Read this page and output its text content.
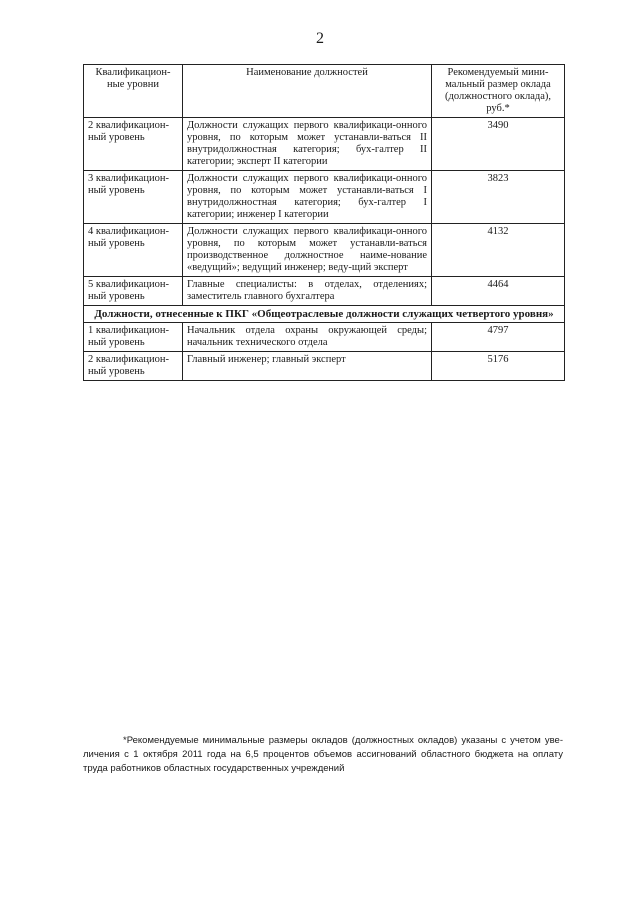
2
Квалификацион-ные уровни	Наименование должностей	Рекомендуемый мини-мальный размер оклада (должностного оклада), руб.*
2 квалификацион-ный уровень	Должности служащих первого квалификаци-онного уровня, по которым может устанавли-ваться II внутридолжностная категория; бух-галтер II категории; эксперт II категории	3490
3 квалификацион-ный уровень	Должности служащих первого квалификаци-онного уровня, по которым может устанавли-ваться I внутридолжностная категория; бух-галтер I категории; инженер I категории	3823
4 квалификацион-ный уровень	Должности служащих первого квалификаци-онного уровня, по которым может устанавли-ваться производственное должностное наиме-нование «ведущий»; ведущий инженер; веду-щий эксперт	4132
5 квалификацион-ный уровень	Главные специалисты: в отделах, отделениях; заместитель главного бухгалтера	4464
Должности, отнесенные к ПКГ «Общеотраслевые должности служащих четвертого уровня»		
1 квалификацион-ный уровень	Начальник отдела охраны окружающей среды; начальник технического отдела	4797
2 квалификацион-ный уровень	Главный инженер; главный эксперт	5176
*Рекомендуемые минимальные размеры окладов (должностных окладов) указаны с учетом уве-личения с 1 октября 2011 года на 6,5 процентов объемов ассигнований областного бюджета на оплату труда работников областных государственных учреждений
